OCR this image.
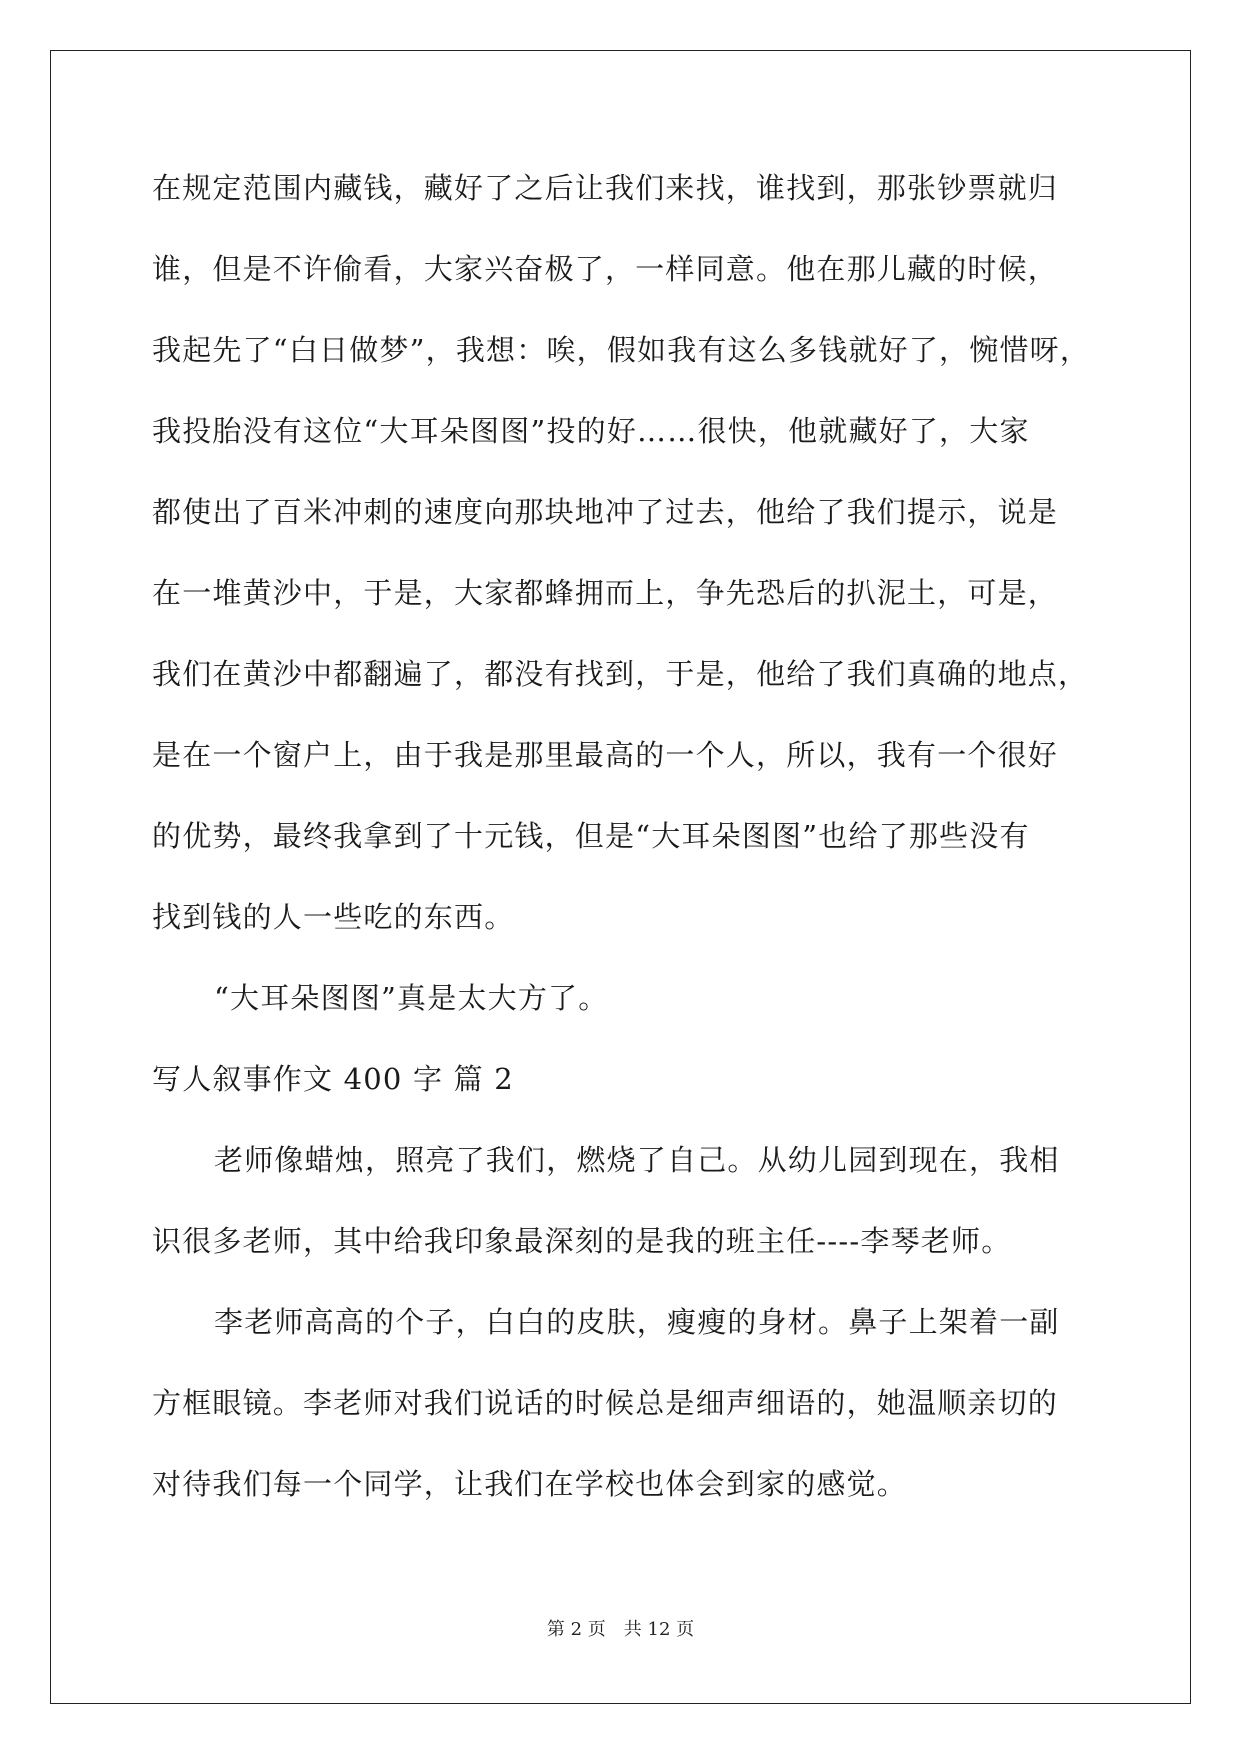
在规定范围内藏钱，藏好了之后让我们来找，谁找到，那张钞票就归
谁，但是不许偷看，大家兴奋极了，一样同意。他在那儿藏的时候，
我起先了“白日做梦”，我想：唉，假如我有这么多钱就好了，惋惜呀，
我投胎没有这位“大耳朵图图”投的好……很快，他就藏好了，大家
都使出了百米冲刺的速度向那块地冲了过去，他给了我们提示，说是
在一堆黄沙中，于是，大家都蜂拥而上，争先恐后的扒泥土，可是，
我们在黄沙中都翻遍了，都没有找到，于是，他给了我们真确的地点，
是在一个窗户上，由于我是那里最高的一个人，所以，我有一个很好
的优势，最终我拿到了十元钱，但是“大耳朵图图”也给了那些没有
找到钱的人一些吃的东西。
“大耳朵图图”真是太大方了。
写人叙事作文 400 字 篇 2
老师像蜡烛，照亮了我们，燃烧了自己。从幼儿园到现在，我相
识很多老师，其中给我印象最深刻的是我的班主任----李琴老师。
李老师高高的个子，白白的皮肤，瘦瘦的身材。鼻子上架着一副
方框眼镜。李老师对我们说话的时候总是细声细语的，她温顺亲切的
对待我们每一个同学，让我们在学校也体会到家的感觉。
第 2 页 共 12 页
